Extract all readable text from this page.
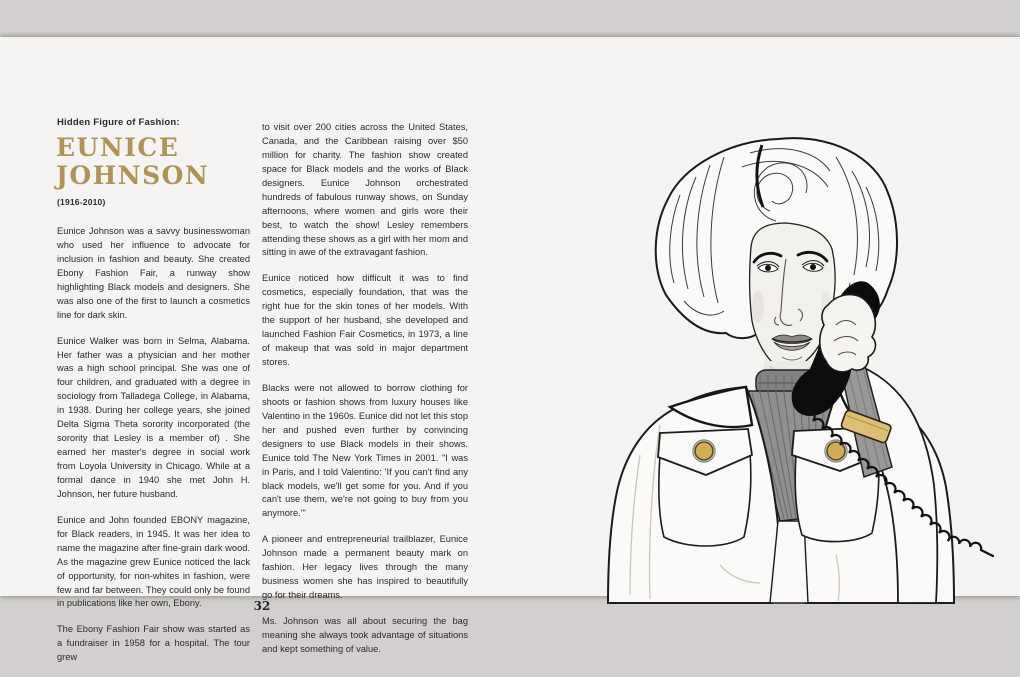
Hidden Figure of Fashion:
EUNICE
JOHNSON
(1916-2010)

Eunice Johnson was a savvy businesswoman who used her influence to advocate for inclusion in fashion and beauty. She created Ebony Fashion Fair, a runway show highlighting Black models and designers. She was also one of the first to launch a cosmetics line for dark skin.

Eunice Walker was born in Selma, Alabama. Her father was a physician and her mother was a high school principal. She was one of four children, and graduated with a degree in sociology from Talladega College, in Alabama, in 1938. During her college years, she joined Delta Sigma Theta sorority incorporated (the sorority that Lesley is a member of) . She earned her master's degree in social work from Loyola University in Chicago. While at a formal dance in 1940 she met John H. Johnson, her future husband.

Eunice and John founded EBONY magazine, for Black readers, in 1945. It was her idea to name the magazine after fine-grain dark wood. As the magazine grew Eunice noticed the lack of opportunity, for non-whites in fashion, were few and far between. They could only be found in publications like her own, Ebony.

The Ebony Fashion Fair show was started as a fundraiser in 1958 for a hospital. The tour grew

to visit over 200 cities across the United States, Canada, and the Caribbean raising over $50 million for charity. The fashion show created space for Black models and the works of Black designers. Eunice Johnson orchestrated hundreds of fabulous runway shows, on Sunday afternoons, where women and girls wore their best, to watch the show! Lesley remembers attending these shows as a girl with her mom and sitting in awe of the extravagant fashion.

Eunice noticed how difficult it was to find cosmetics, especially foundation, that was the right hue for the skin tones of her models. With the support of her husband, she developed and launched Fashion Fair Cosmetics, in 1973, a line of makeup that was sold in major department stores.

Blacks were not allowed to borrow clothing for shoots or fashion shows from luxury houses like Valentino in the 1960s. Eunice did not let this stop her and pushed even further by convincing designers to use Black models in their shows. Eunice told The New York Times in 2001. "I was in Paris, and I told Valentino: 'If you can't find any black models, we'll get some for you. And if you can't use them, we're not going to buy from you anymore.'"

A pioneer and entrepreneurial trailblazer, Eunice Johnson made a permanent beauty mark on fashion. Her legacy lives through the many business women she has inspired to beautifully go for their dreams.

Ms. Johnson was all about securing the bag meaning she always took advantage of situations and kept something of value.

32
